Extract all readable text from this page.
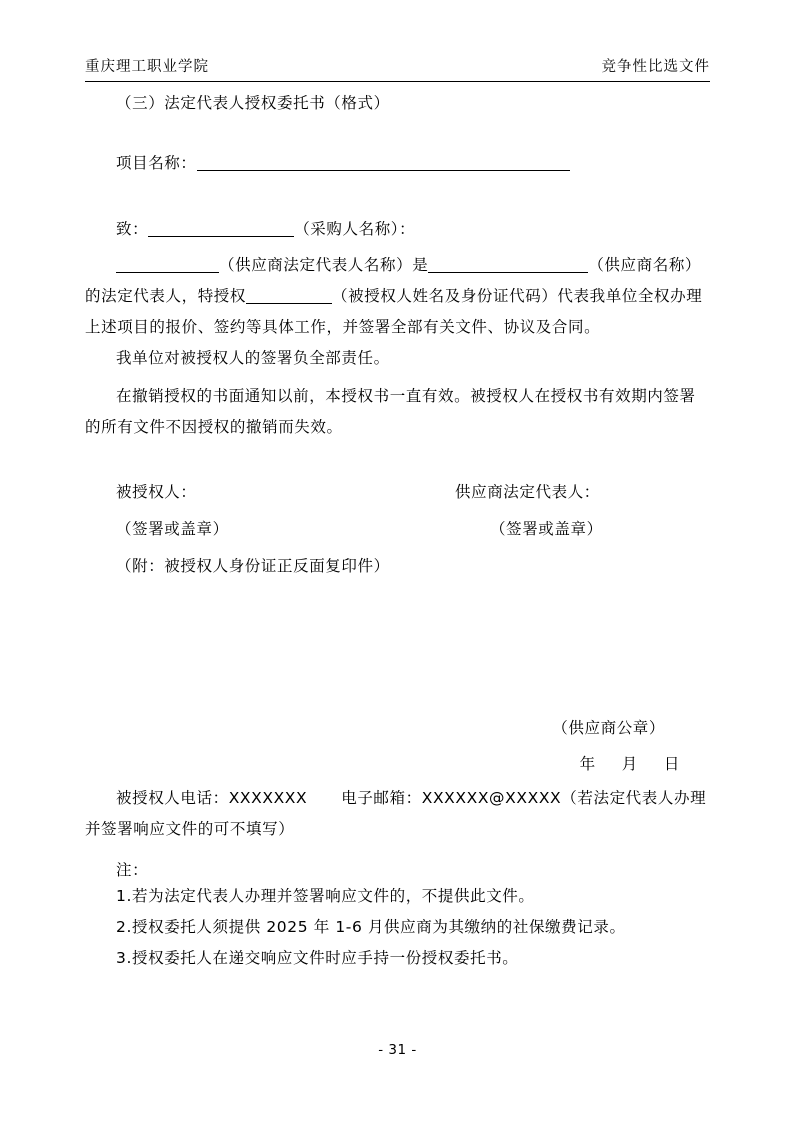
重庆理工职业学院	竞争性比选文件
（三）法定代表人授权委托书（格式）
项目名称：
致：	（采购人名称）：
（供应商法定代表人名称）是	（供应商名称）的法定代表人，特授权	（被授权人姓名及身份证代码）代表我单位全权办理上述项目的报价、签约等具体工作，并签署全部有关文件、协议及合同。
我单位对被授权人的签署负全部责任。
在撤销授权的书面通知以前，本授权书一直有效。被授权人在授权书有效期内签署的所有文件不因授权的撤销而失效。
被授权人：	供应商法定代表人：
（签署或盖章）	（签署或盖章）
（附：被授权人身份证正反面复印件）
（供应商公章）
年 月 日
被授权人电话：XXXXXXX 电子邮箱：XXXXXX@XXXXX（若法定代表人办理并签署响应文件的可不填写）
注：
1.若为法定代表人办理并签署响应文件的，不提供此文件。
2.授权委托人须提供 2025 年 1-6 月供应商为其缴纳的社保缴费记录。
3.授权委托人在递交响应文件时应手持一份授权委托书。
- 31 -
